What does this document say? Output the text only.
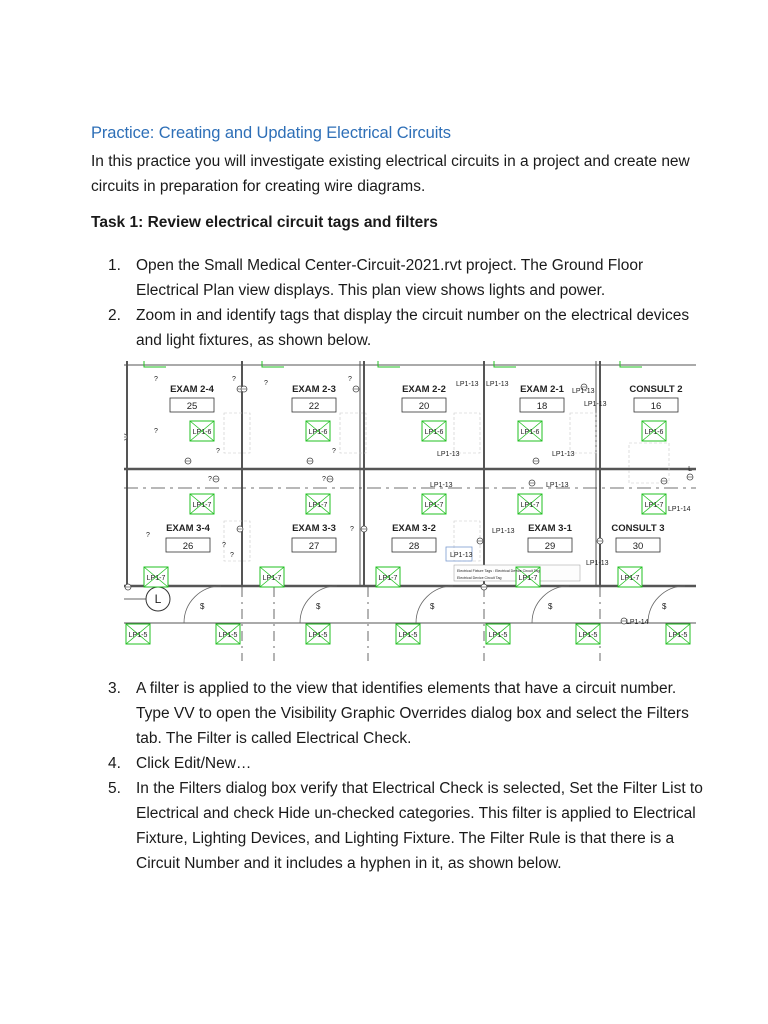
Practice: Creating and Updating Electrical Circuits
In this practice you will investigate existing electrical circuits in a project and create new circuits in preparation for creating wire diagrams.
Task 1: Review electrical circuit tags and filters
1. Open the Small Medical Center-Circuit-2021.rvt project. The Ground Floor Electrical Plan view displays. This plan view shows lights and power.
2. Zoom in and identify tags that display the circuit number on the electrical devices and light fixtures, as shown below.
EXAM 2-4
25
EXAM 2-3
22
EXAM 2-2
20
EXAM 2-1
18
CONSULT 2
16
EXAM 3-4
26
EXAM 3-3
27
EXAM 3-2
28
EXAM 3-1
29
CONSULT 3
30
LP1-6	LP1-6	LP1-6	LP1-6	LP1-6
LP1-7	LP1-7	LP1-7	LP1-7	LP1-7
LP1-7	LP1-7	LP1-7	LP1-7	LP1-7
LP1-5	LP1-5	LP1-5	LP1-5	LP1-5	LP1-5	LP1-5
L
L
LP1-13 LP1-13
LP1-13
LP1-13
LP1-13	LP1-13
LP1-13	LP1-13
LP1-13
LP1-13
LP1-13
LP1-14
LP1-14
Electrical Fixture Tags : Electrical Device Circuit Tag
Electrical Device Circuit Tag
?	?
?
?
?
?	?
?	?
?
?
?
?
$	$	$	$	$
3. A filter is applied to the view that identifies elements that have a circuit number. Type VV to open the Visibility Graphic Overrides dialog box and select the Filters tab. The Filter is called Electrical Check.
4. Click Edit/New…
5. In the Filters dialog box verify that Electrical Check is selected, Set the Filter List to Electrical and check Hide un-checked categories. This filter is applied to Electrical Fixture, Lighting Devices, and Lighting Fixture. The Filter Rule is that there is a Circuit Number and it includes a hyphen in it, as shown below.
